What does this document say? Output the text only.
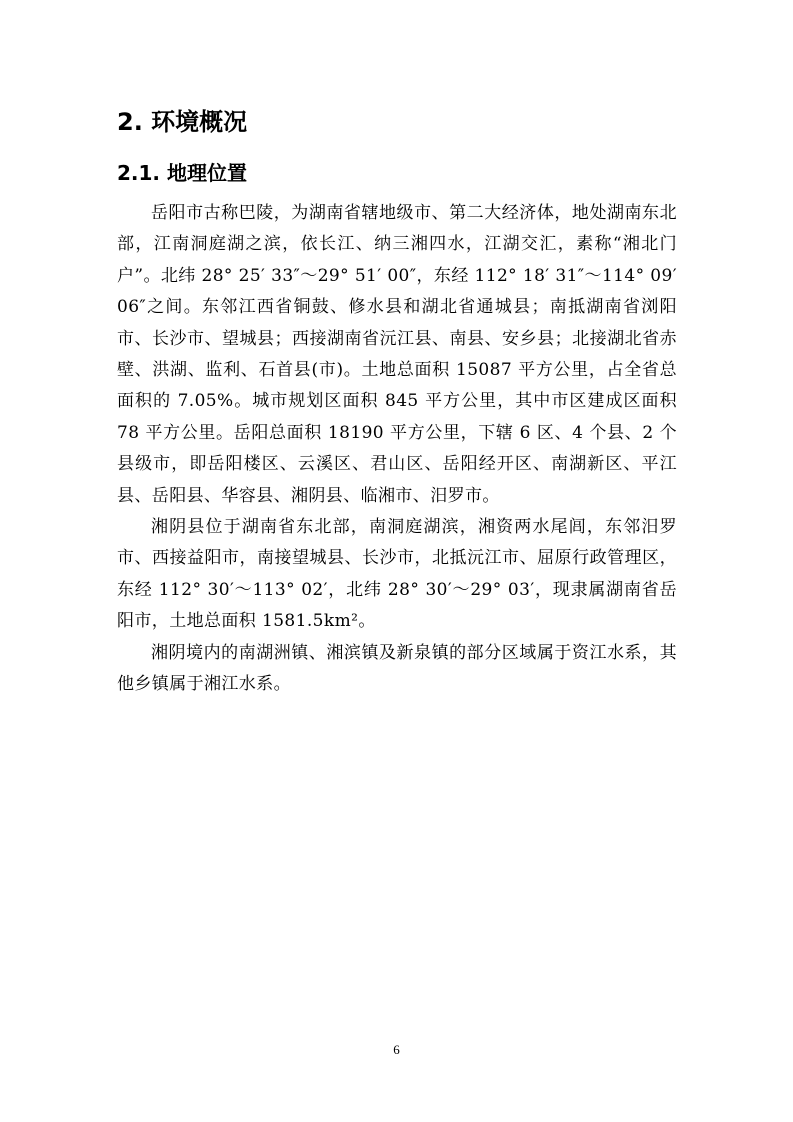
2. 环境概况
2.1. 地理位置

岳阳市古称巴陵，为湖南省辖地级市、第二大经济体，地处湖南东北部，江南洞庭湖之滨，依长江、纳三湘四水，江湖交汇，素称“湘北门户”。北纬 28° 25′ 33″～29° 51′ 00″，东经 112° 18′ 31″～114° 09′ 06″之间。东邻江西省铜鼓、修水县和湖北省通城县；南抵湖南省浏阳市、长沙市、望城县；西接湖南省沅江县、南县、安乡县；北接湖北省赤壁、洪湖、监利、石首县(市)。土地总面积 15087 平方公里，占全省总面积的 7.05%。城市规划区面积 845 平方公里，其中市区建成区面积 78 平方公里。岳阳总面积 18190 平方公里，下辖 6 区、4 个县、2 个县级市，即岳阳楼区、云溪区、君山区、岳阳经开区、南湖新区、平江县、岳阳县、华容县、湘阴县、临湘市、汨罗市。

湘阴县位于湖南省东北部，南洞庭湖滨，湘资两水尾闾，东邻汨罗市、西接益阳市，南接望城县、长沙市，北抵沅江市、屈原行政管理区，东经 112° 30′～113° 02′，北纬 28° 30′～29° 03′，现隶属湖南省岳阳市，土地总面积 1581.5km²。

湘阴境内的南湖洲镇、湘滨镇及新泉镇的部分区域属于资江水系，其他乡镇属于湘江水系。

6
